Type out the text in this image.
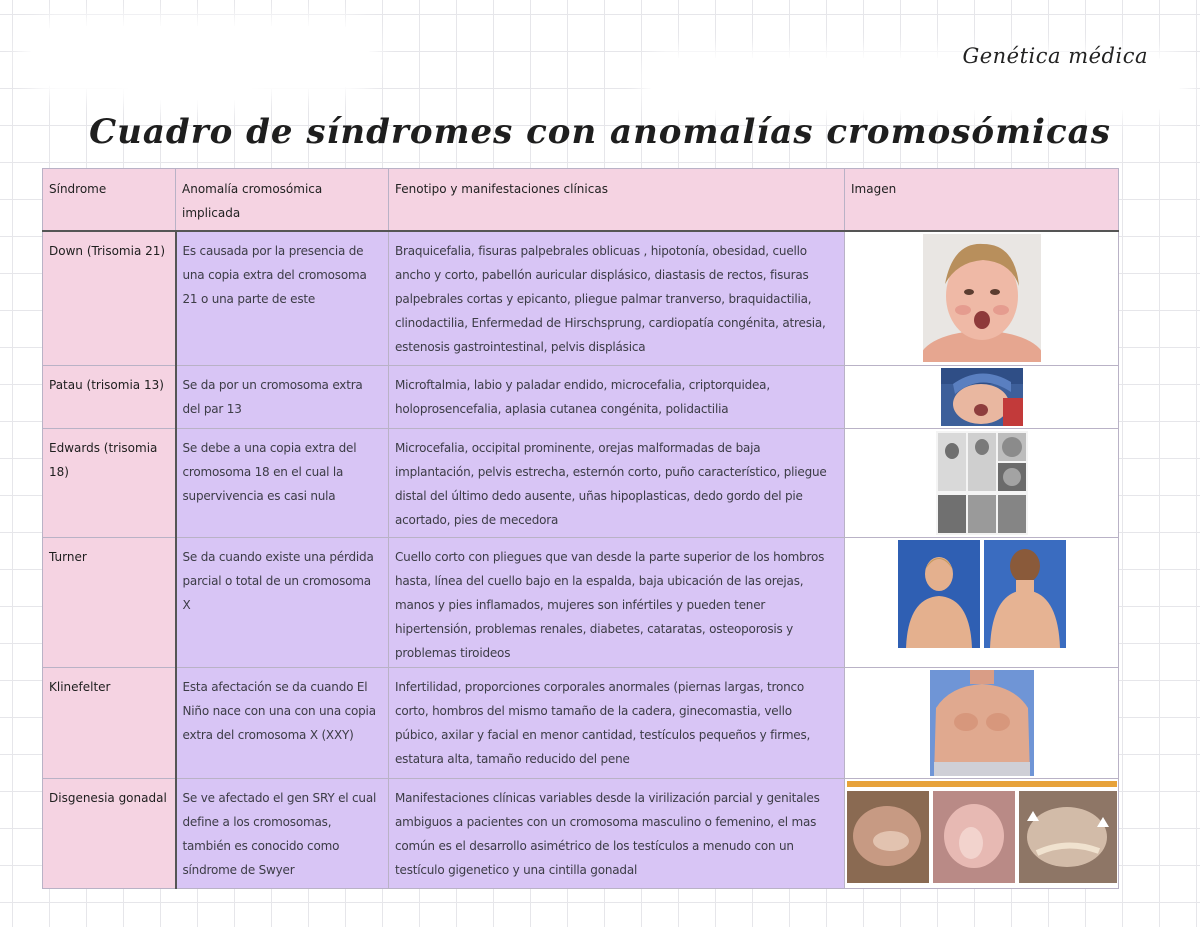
Genética médica
Cuadro de síndromes con anomalías cromosómicas
Síndrome	Anomalía cromosómica implicada	Fenotipo y manifestaciones clínicas	Imagen
Down (Trisomia 21)	Es causada por la presencia de una copia extra del cromosoma 21 o una parte de este	Braquicefalia, fisuras palpebrales oblicuas , hipotonía, obesidad, cuello ancho y corto, pabellón auricular displásico, diastasis de rectos, fisuras palpebrales cortas y epicanto, pliegue palmar tranverso, braquidactilia, clinodactilia, Enfermedad de Hirschsprung, cardiopatía congénita, atresia, estenosis gastrointestinal, pelvis displásica	

Patau (trisomia 13)	Se da por un cromosoma extra del par 13	Microftalmia, labio y paladar endido, microcefalia, criptorquidea, holoprosencefalia, aplasia cutanea congénita, polidactilia	

Edwards (trisomia 18)	Se debe a una copia extra del cromosoma 18 en el cual la supervivencia es casi nula	Microcefalia, occipital prominente, orejas malformadas de baja implantación, pelvis estrecha, esternón corto, puño característico, pliegue distal del último dedo ausente, uñas hipoplasticas, dedo gordo del pie acortado, pies de mecedora	

Turner	Se da cuando existe una pérdida parcial o total de un cromosoma X	Cuello corto con pliegues que van desde la parte superior de los hombros hasta, línea del cuello bajo en la espalda, baja ubicación de las orejas, manos y pies inflamados, mujeres son infértiles y pueden tener hipertensión, problemas renales, diabetes, cataratas, osteoporosis y problemas tiroideos	

Klinefelter	Esta afectación se da cuando El Niño nace con una con una copia extra del cromosoma X (XXY)	Infertilidad, proporciones corporales anormales (piernas largas, tronco corto, hombros del mismo tamaño de la cadera, ginecomastia, vello púbico, axilar y facial en menor cantidad, testículos pequeños y firmes, estatura alta, tamaño reducido del pene	

Disgenesia gonadal	Se ve afectado el gen SRY el cual define a los cromosomas, también es conocido como síndrome de Swyer	Manifestaciones clínicas variables desde la virilización parcial y genitales ambiguos a pacientes con un cromosoma masculino o femenino, el mas común es el desarrollo asimétrico de los testículos a menudo con un testículo gigenetico y una cintilla gonadal	
